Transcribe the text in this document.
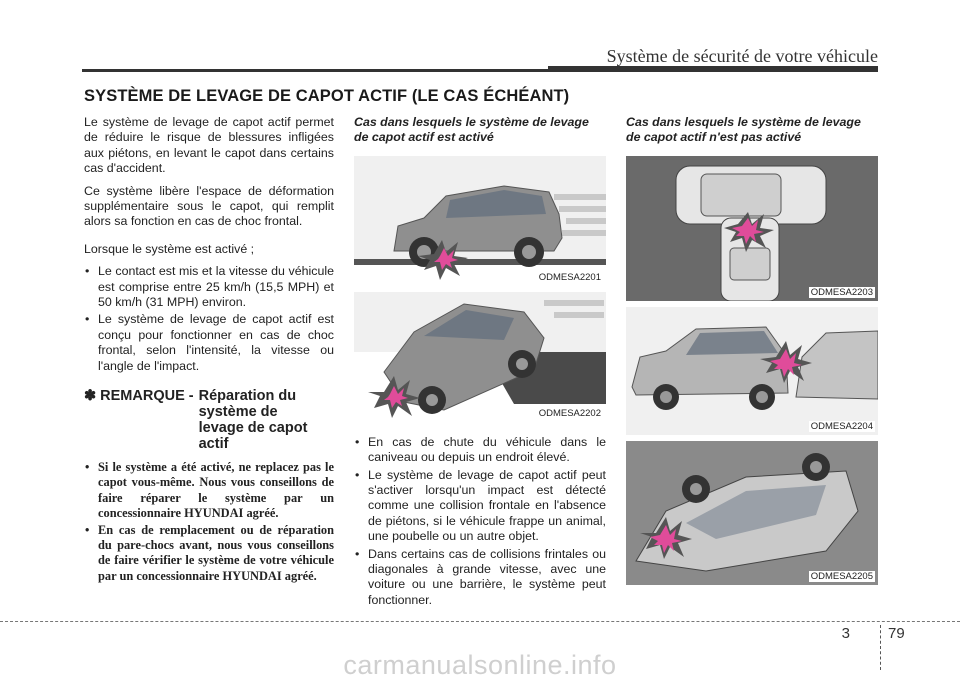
Système de sécurité de votre véhicule
SYSTÈME DE LEVAGE DE CAPOT ACTIF (LE CAS ÉCHÉANT)

Le système de levage de capot actif permet de réduire le risque de blessures infligées aux piétons, en levant le capot dans certains cas d'accident.

Ce système libère l'espace de déformation supplémentaire sous le capot, qui remplit alors sa fonction en cas de choc frontal.

Lorsque le système est activé ;

• Le contact est mis et la vitesse du véhicule est comprise entre 25 km/h (15,5 MPH) et 50 km/h (31 MPH) environ.
• Le système de levage de capot actif est conçu pour fonctionner en cas de choc frontal, selon l'intensité, la vitesse ou l'angle de l'impact.
✽ REMARQUE - Réparation du système de levage de capot actif
• Si le système a été activé, ne replacez pas le capot vous-même. Nous vous conseillons de faire réparer le système par un concessionnaire HYUNDAI agréé.
• En cas de remplacement ou de réparation du pare-chocs avant, nous vous conseillons de faire vérifier le système de votre véhicule par un concessionnaire HYUNDAI agréé.
Cas dans lesquels le système de levage de capot actif est activé
ODMESA2201
ODMESA2202
• En cas de chute du véhicule dans le caniveau ou depuis un endroit élevé.
• Le système de levage de capot actif peut s'activer lorsqu'un impact est détecté comme une collision frontale en l'absence de piétons, si le véhicule frappe un animal, une poubelle ou un autre objet.
• Dans certains cas de collisions frintales ou diagonales à grande vitesse, avec une voiture ou une barrière, le système peut fonctionner.
Cas dans lesquels le système de levage de capot actif n'est pas activé
ODMESA2203
ODMESA2204
ODMESA2205
3	79
carmanualsonline.info
